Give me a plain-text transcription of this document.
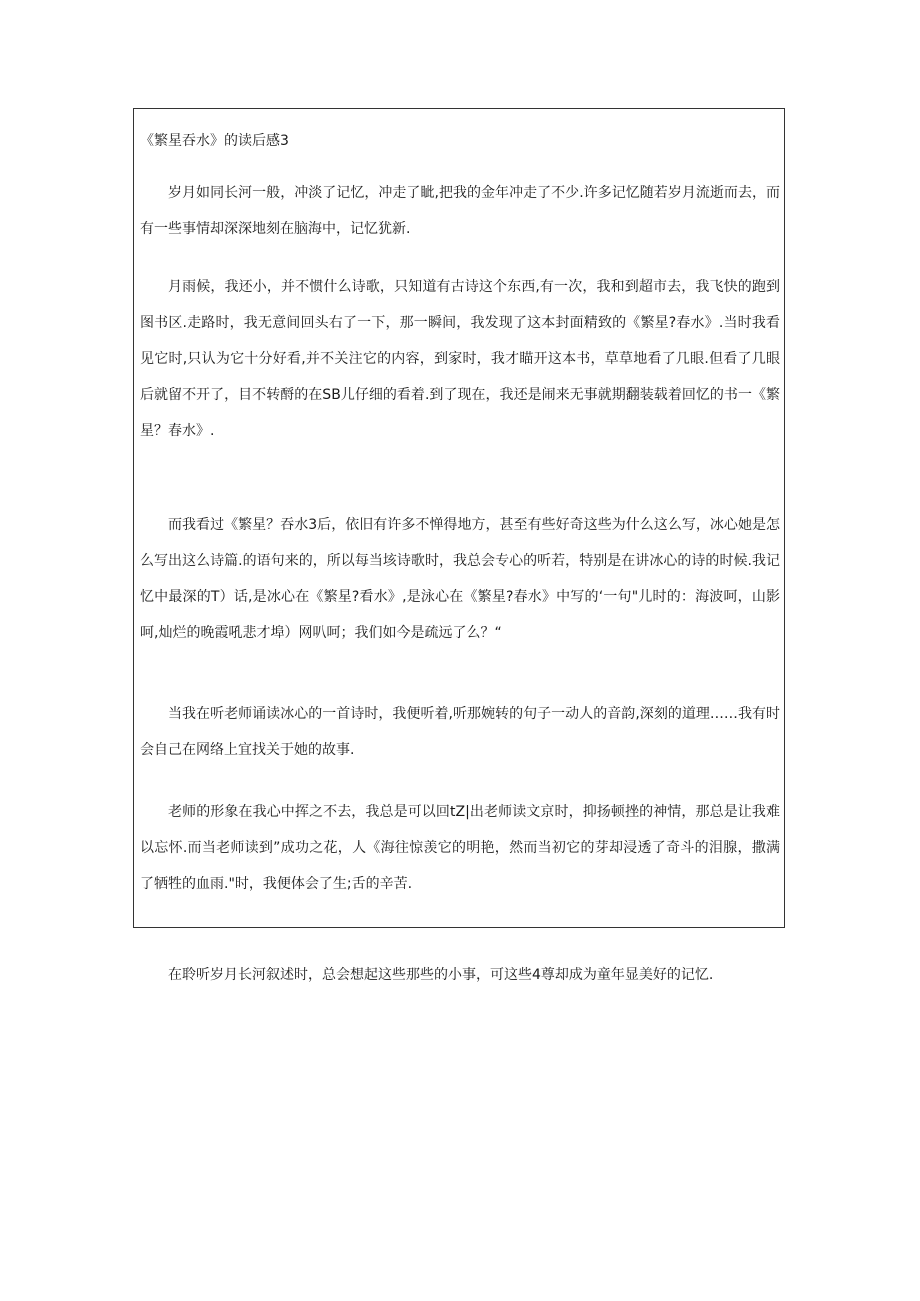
《繁星吞水》的读后感3

岁月如同长河一般，冲淡了记忆，冲走了眦,把我的金年冲走了不少.许多记忆随若岁月流逝而去，而有一些事情却深深地刻在脑海中，记忆犹新.

月雨候，我还小，并不惯什么诗歌，只知道有古诗这个东西,有一次，我和到超市去，我飞快的跑到图书区.走路时，我无意间回头右了一下，那一瞬间，我发现了这本封面精致的《繁星?春水》.当时我看见它时,只认为它十分好看,并不关注它的内容，到家时，我才瞄开这本书，草草地看了几眼.但看了几眼后就留不开了，目不转酹的在SB儿仔细的看着.到了现在，我还是闹来无事就期翻装载着回忆的书一《繁星？春水》.

而我看过《繁星？吞水3后，依旧有许多不惮得地方，甚至有些好奇这些为什么这么写，冰心她是怎么写出这么诗篇.的语句来的，所以每当垓诗歌时，我总会专心的听若，特别是在讲冰心的诗的时候.我记忆中最深的T）话,是冰心在《繁星?看水》,是泳心在《繁星?春水》中写的‘一句"儿时的：海波呵，山影呵,灿烂的晚霞吼悲才埠）网叭呵；我们如今是疏远了么？“

当我在听老师诵读冰心的一首诗时，我便听着,听那婉转的句子一动人的音韵,深刻的道理……我有时会自己在网络上宜找关于她的故事.

老师的形象在我心中挥之不去，我总是可以回tZ|出老师读文京时，抑扬顿挫的神情，那总是让我难以忘怀.而当老师读到”成功之花，人《海往惊羡它的明艳，然而当初它的芽却浸透了奇斗的泪腺，撒满了牺牲的血雨."时，我便体会了生;舌的辛苦.

在聆听岁月长河叙述时，总会想起这些那些的小事，可这些4尊却成为童年显美好的记忆.
